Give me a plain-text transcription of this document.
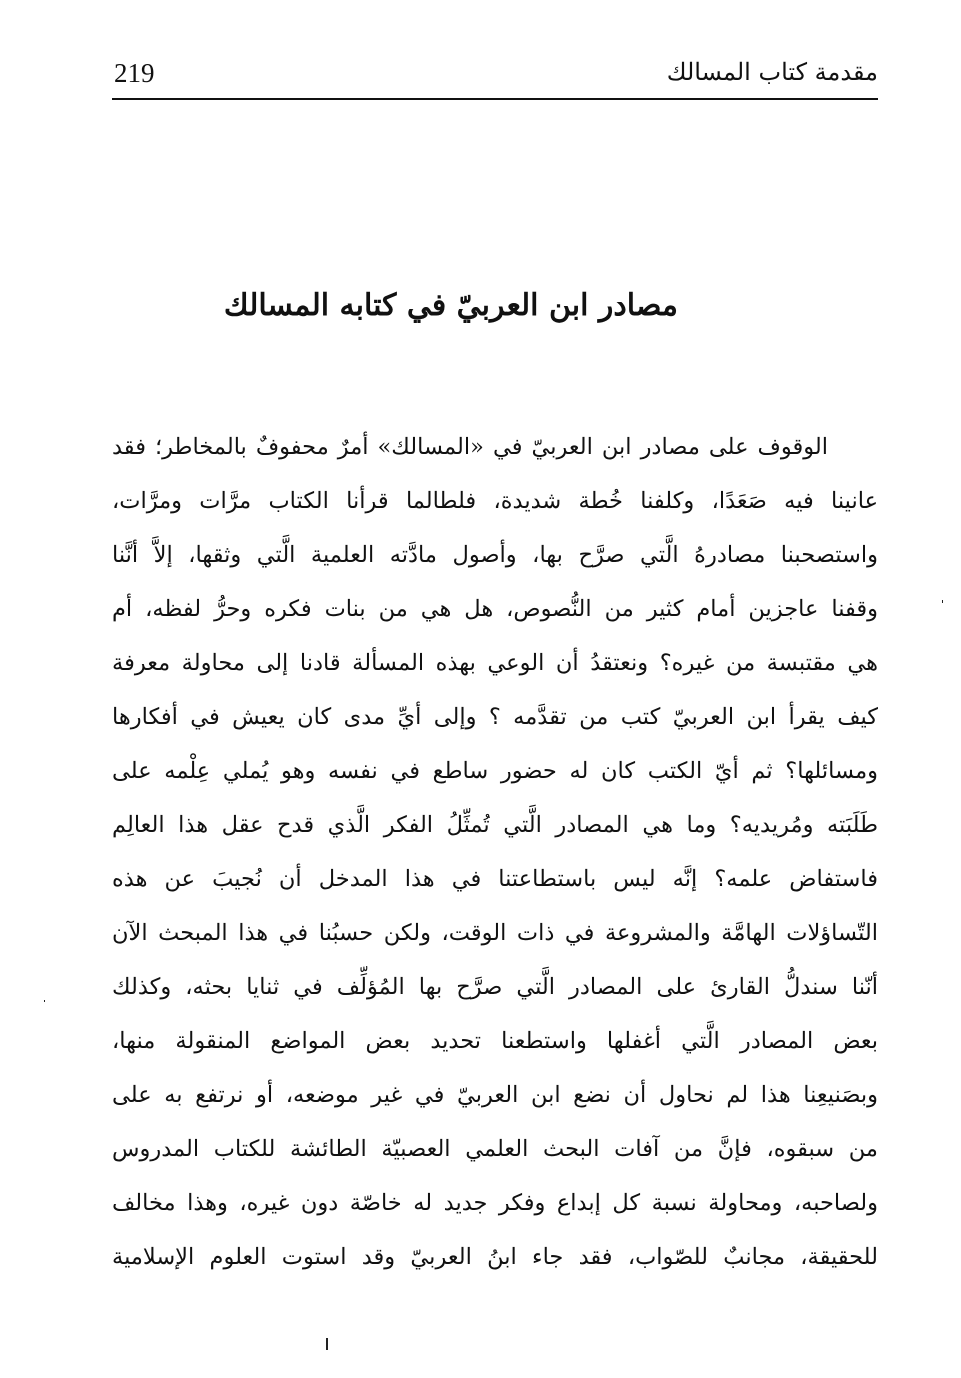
219	مقدمة كتاب المسالك
مصادر ابن العربيّ في كتابه المسالك
الوقوف على مصادر ابن العربيّ في «المسالك» أمرٌ محفوفٌ بالمخاطر؛ فقد
عانينا فيه صَعَدًا، وكلفنا خُطة شديدة، فلطالما قرأنا الكتاب مرَّات ومرَّات،
واستصحبنا مصادرهُ الَّتي صرَّح بها، وأصول مادَّته العلمية الَّتي وثقها، إلاَّ أنَّنا
وقفنا عاجزين أمام كثير من النُّصوص، هل هي من بنات فكره وحرُّ لفظه، أم
هي مقتبسة من غيره؟ ونعتقدُ أن الوعي بهذه المسألة قادنا إلى محاولة معرفة
كيف يقرأ ابن العربيّ كتب من تقدَّمه ؟ وإلى أيِّ مدى كان يعيش في أفكارها
ومسائلها؟ ثم أيّ الكتب كان له حضور ساطع في نفسه وهو يُملي عِلْمه على
طَلَبَته ومُريديه؟ وما هي المصادر الَّتي تُمثِّلُ الفكر الَّذي قدح عقل هذا العالِم
فاستفاض علمه؟ إنَّه ليس باستطاعتنا في هذا المدخل أن نُجيبَ عن هذه
التّساؤلات الهامَّة والمشروعة في ذات الوقت، ولكن حسبُنا في هذا المبحث الآن
أنّنا سندلُّ القارئ على المصادر الَّتي صرَّح بها المُؤلِّف في ثنايا بحثه، وكذلك
بعض المصادر الَّتي أغفلها واستطعنا تحديد بعض المواضع المنقولة منها،
وبصَنيعِنا هذا لم نحاول أن نضع ابن العربيّ في غير موضعه، أو نرتفع به على
من سبقوه، فإنَّ من آفات البحث العلمي العصبيّة الطائشة للكتاب المدروس
ولصاحبه، ومحاولة نسبة كل إبداع وفكر جديد له خاصّة دون غيره، وهذا مخالف
للحقيقة، مجانبٌ للصّواب، فقد جاء ابنُ العربيّ وقد استوت العلوم الإسلامية
